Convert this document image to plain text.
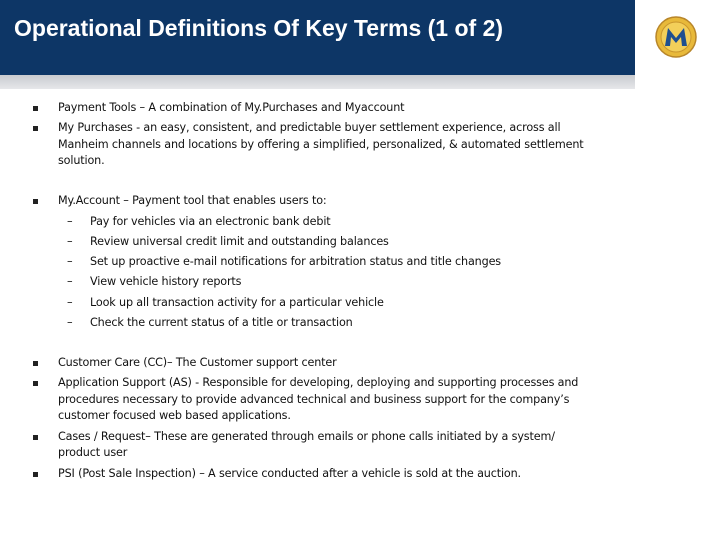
Operational Definitions Of Key Terms (1 of 2)
Payment Tools – A combination of My.Purchases and Myaccount
My Purchases - an easy, consistent, and predictable buyer settlement experience, across all
Manheim channels and locations by offering a simplified, personalized, & automated settlement
solution.
My.Account – Payment tool that enables users to:
– Pay for vehicles via an electronic bank debit
– Review universal credit limit and outstanding balances
– Set up proactive e-mail notifications for arbitration status and title changes
– View vehicle history reports
– Look up all transaction activity for a particular vehicle
– Check the current status of a title or transaction
Customer Care (CC)– The Customer support center
Application Support (AS) - Responsible for developing, deploying and supporting processes and
procedures necessary to provide advanced technical and business support for the company’s
customer focused web based applications.
Cases / Request– These are generated through emails or phone calls initiated by a system/
product user
PSI (Post Sale Inspection) – A service conducted after a vehicle is sold at the auction.
